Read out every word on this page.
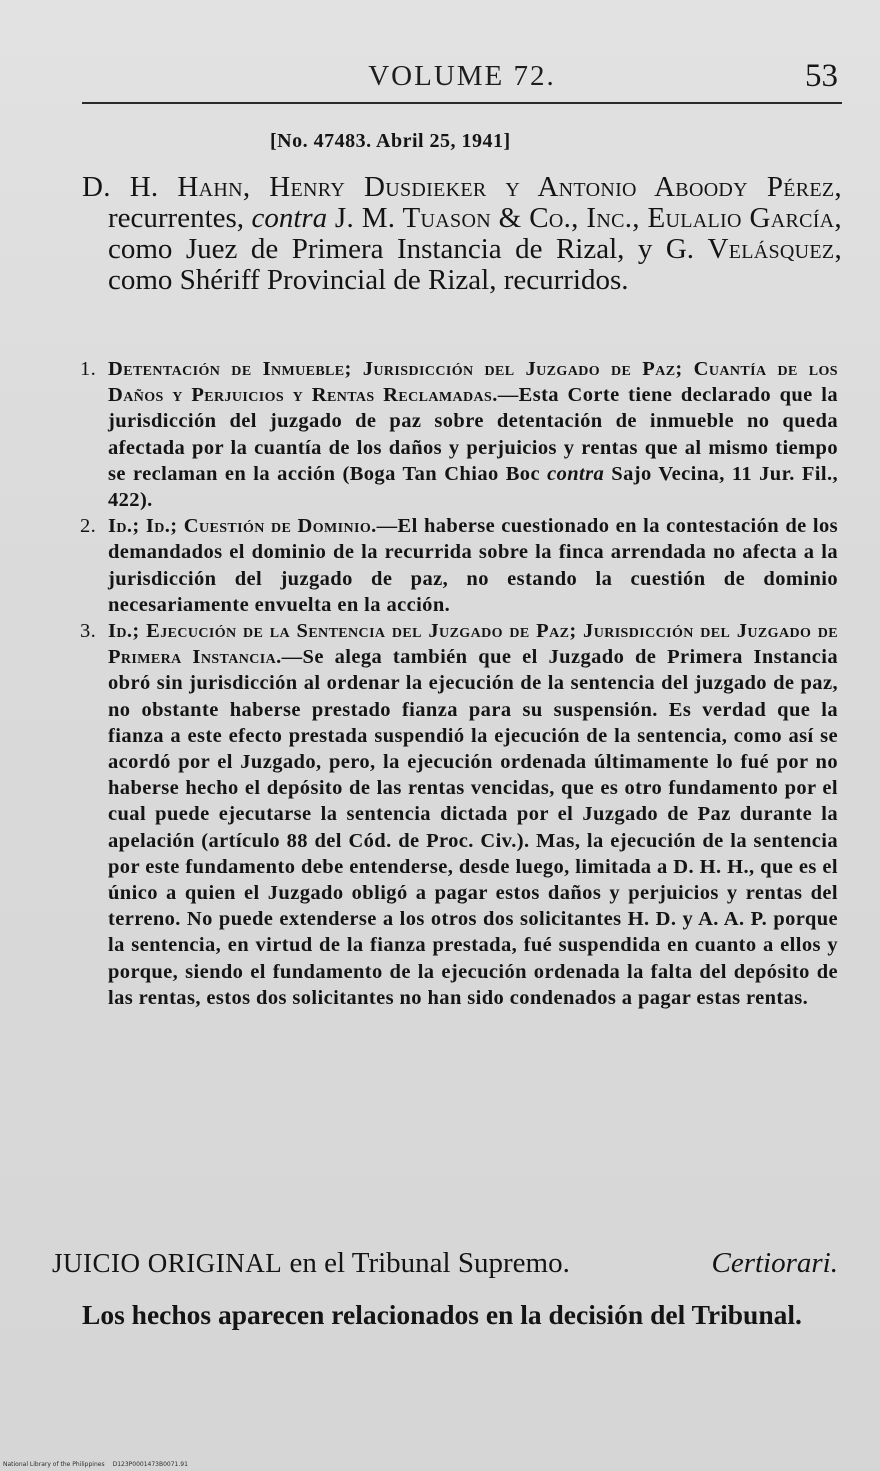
VOLUME 72.	53
[No. 47483. Abril 25, 1941]
D. H. Hahn, Henry Dusdieker y Antonio Aboody Pérez, recurrentes, contra J. M. Tuason & Co., Inc., Eulalio García, como Juez de Primera Instancia de Rizal, y G. Velásquez, como Shériff Provincial de Rizal, recurridos.
1. Detentación de Inmueble; Jurisdicción del Juzgado de Paz; Cuantía de los Daños y Perjuicios y Rentas Reclamadas.—Esta Corte tiene declarado que la jurisdicción del juzgado de paz sobre detentación de inmueble no queda afectada por la cuantía de los daños y perjuicios y rentas que al mismo tiempo se reclaman en la acción (Boga Tan Chiao Boc contra Sajo Vecina, 11 Jur. Fil., 422).
2. Id.; Id.; Cuestión de Dominio.—El haberse cuestionado en la contestación de los demandados el dominio de la recurrida sobre la finca arrendada no afecta a la jurisdicción del juzgado de paz, no estando la cuestión de dominio necesariamente envuelta en la acción.
3. Id.; Ejecución de la Sentencia del Juzgado de Paz; Jurisdicción del Juzgado de Primera Instancia.—Se alega también que el Juzgado de Primera Instancia obró sin jurisdicción al ordenar la ejecución de la sentencia del juzgado de paz, no obstante haberse prestado fianza para su suspensión. Es verdad que la fianza a este efecto prestada suspendió la ejecución de la sentencia, como así se acordó por el Juzgado, pero, la ejecución ordenada últimamente lo fué por no haberse hecho el depósito de las rentas vencidas, que es otro fundamento por el cual puede ejecutarse la sentencia dictada por el Juzgado de Paz durante la apelación (artículo 88 del Cód. de Proc. Civ.). Mas, la ejecución de la sentencia por este fundamento debe entenderse, desde luego, limitada a D. H. H., que es el único a quien el Juzgado obligó a pagar estos daños y perjuicios y rentas del terreno. No puede extenderse a los otros dos solicitantes H. D. y A. A. P. porque la sentencia, en virtud de la fianza prestada, fué suspendida en cuanto a ellos y porque, siendo el fundamento de la ejecución ordenada la falta del depósito de las rentas, estos dos solicitantes no han sido condenados a pagar estas rentas.
JUICIO ORIGINAL en el Tribunal Supremo.	Certiorari.
Los hechos aparecen relacionados en la decisión del Tribunal.
National Library of the Philippines D123P0001473B0071.91
